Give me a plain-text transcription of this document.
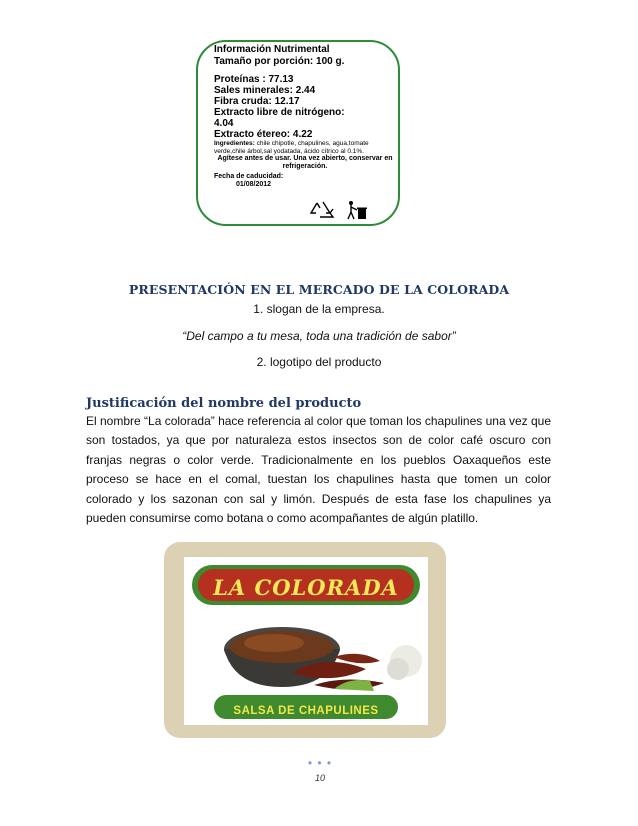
Información Nutrimental
Tamaño por porción: 100 g.
Proteínas : 77.13
Sales minerales: 2.44
Fibra cruda: 12.17
Extracto libre de nitrógeno:
4.04
Extracto étereo: 4.22
Ingredientes: chile chipotle, chapulines, agua,tomate verde,chile árbol,sal yodatada, ácido cítrico al 0.1%.
Agítese antes de usar. Una vez abierto, conservar en refrigeración.
Fecha de caducidad:
01/08/2012
PRESENTACIÓN EN EL MERCADO DE LA COLORADA
1. slogan de la empresa.
“Del campo a tu mesa, toda una tradición de sabor”
2. logotipo del producto
Justificación del nombre del producto
El nombre “La colorada” hace referencia al color que toman los chapulines una vez que son tostados, ya que por naturaleza estos insectos son de color café oscuro con franjas negras o color verde. Tradicionalmente en los pueblos Oaxaqueños este proceso se hace en el comal, tuestan los chapulines hasta que tomen un color colorado y los sazonan con sal y limón. Después de esta fase los chapulines ya pueden consumirse como botana o como acompañantes de algún platillo.
LA COLORADA
SALSA DE CHAPULINES
• • •
10
